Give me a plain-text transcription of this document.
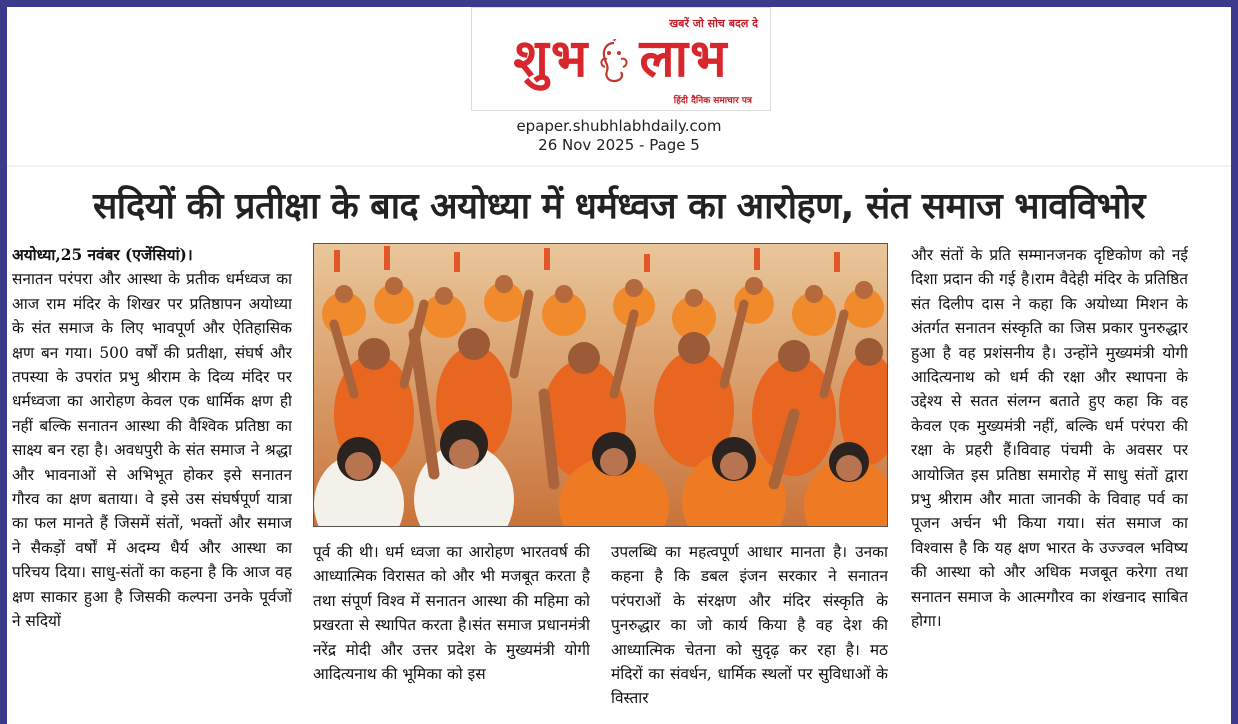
खबरें जो सोच बदल दे
शुभ लाभ
हिंदी दैनिक समाचार पत्र
epaper.shubhlabhdaily.com
26 Nov 2025 - Page 5
सदियों की प्रतीक्षा के बाद अयोध्या में धर्मध्वज का आरोहण, संत समाज भावविभोर
अयोध्या,25 नवंबर (एजेंसियां)।
सनातन परंपरा और आस्था के प्रतीक धर्मध्वज का आज राम मंदिर के शिखर पर प्रतिष्ठापन अयोध्या के संत समाज के लिए भावपूर्ण और ऐतिहासिक क्षण बन गया। 500 वर्षों की प्रतीक्षा, संघर्ष और तपस्या के उपरांत प्रभु श्रीराम के दिव्य मंदिर पर धर्मध्वजा का आरोहण केवल एक धार्मिक क्षण ही नहीं बल्कि सनातन आस्था की वैश्विक प्रतिष्ठा का साक्ष्य बन रहा है। अवधपुरी के संत समाज ने श्रद्धा और भावनाओं से अभिभूत होकर इसे सनातन गौरव का क्षण बताया। वे इसे उस संघर्षपूर्ण यात्रा का फल मानते हैं जिसमें संतों, भक्तों और समाज ने सैकड़ों वर्षों में अदम्य धैर्य और आस्था का परिचय दिया। साधु-संतों का कहना है कि आज वह क्षण साकार हुआ है जिसकी कल्पना उनके पूर्वजों ने सदियों
पूर्व की थी। धर्म ध्वजा का आरोहण भारतवर्ष की आध्यात्मिक विरासत को और भी मजबूत करता है तथा संपूर्ण विश्व में सनातन आस्था की महिमा को प्रखरता से स्थापित करता है।संत समाज प्रधानमंत्री नरेंद्र मोदी और उत्तर प्रदेश के मुख्यमंत्री योगी आदित्यनाथ की भूमिका को इस
उपलब्धि का महत्वपूर्ण आधार मानता है। उनका कहना है कि डबल इंजन सरकार ने सनातन परंपराओं के संरक्षण और मंदिर संस्कृति के पुनरुद्धार का जो कार्य किया है वह देश की आध्यात्मिक चेतना को सुदृढ़ कर रहा है। मठ मंदिरों का संवर्धन, धार्मिक स्थलों पर सुविधाओं के विस्तार
और संतों के प्रति सम्मानजनक दृष्टिकोण को नई दिशा प्रदान की गई है।राम वैदेही मंदिर के प्रतिष्ठित संत दिलीप दास ने कहा कि अयोध्या मिशन के अंतर्गत सनातन संस्कृति का जिस प्रकार पुनरुद्धार हुआ है वह प्रशंसनीय है। उन्होंने मुख्यमंत्री योगी आदित्यनाथ को धर्म की रक्षा और स्थापना के उद्देश्य से सतत संलग्न बताते हुए कहा कि वह केवल एक मुख्यमंत्री नहीं, बल्कि धर्म परंपरा की रक्षा के प्रहरी हैं।विवाह पंचमी के अवसर पर आयोजित इस प्रतिष्ठा समारोह में साधु संतों द्वारा प्रभु श्रीराम और माता जानकी के विवाह पर्व का पूजन अर्चन भी किया गया। संत समाज का विश्वास है कि यह क्षण भारत के उज्ज्वल भविष्य की आस्था को और अधिक मजबूत करेगा तथा सनातन समाज के आत्मगौरव का शंखनाद साबित होगा।
